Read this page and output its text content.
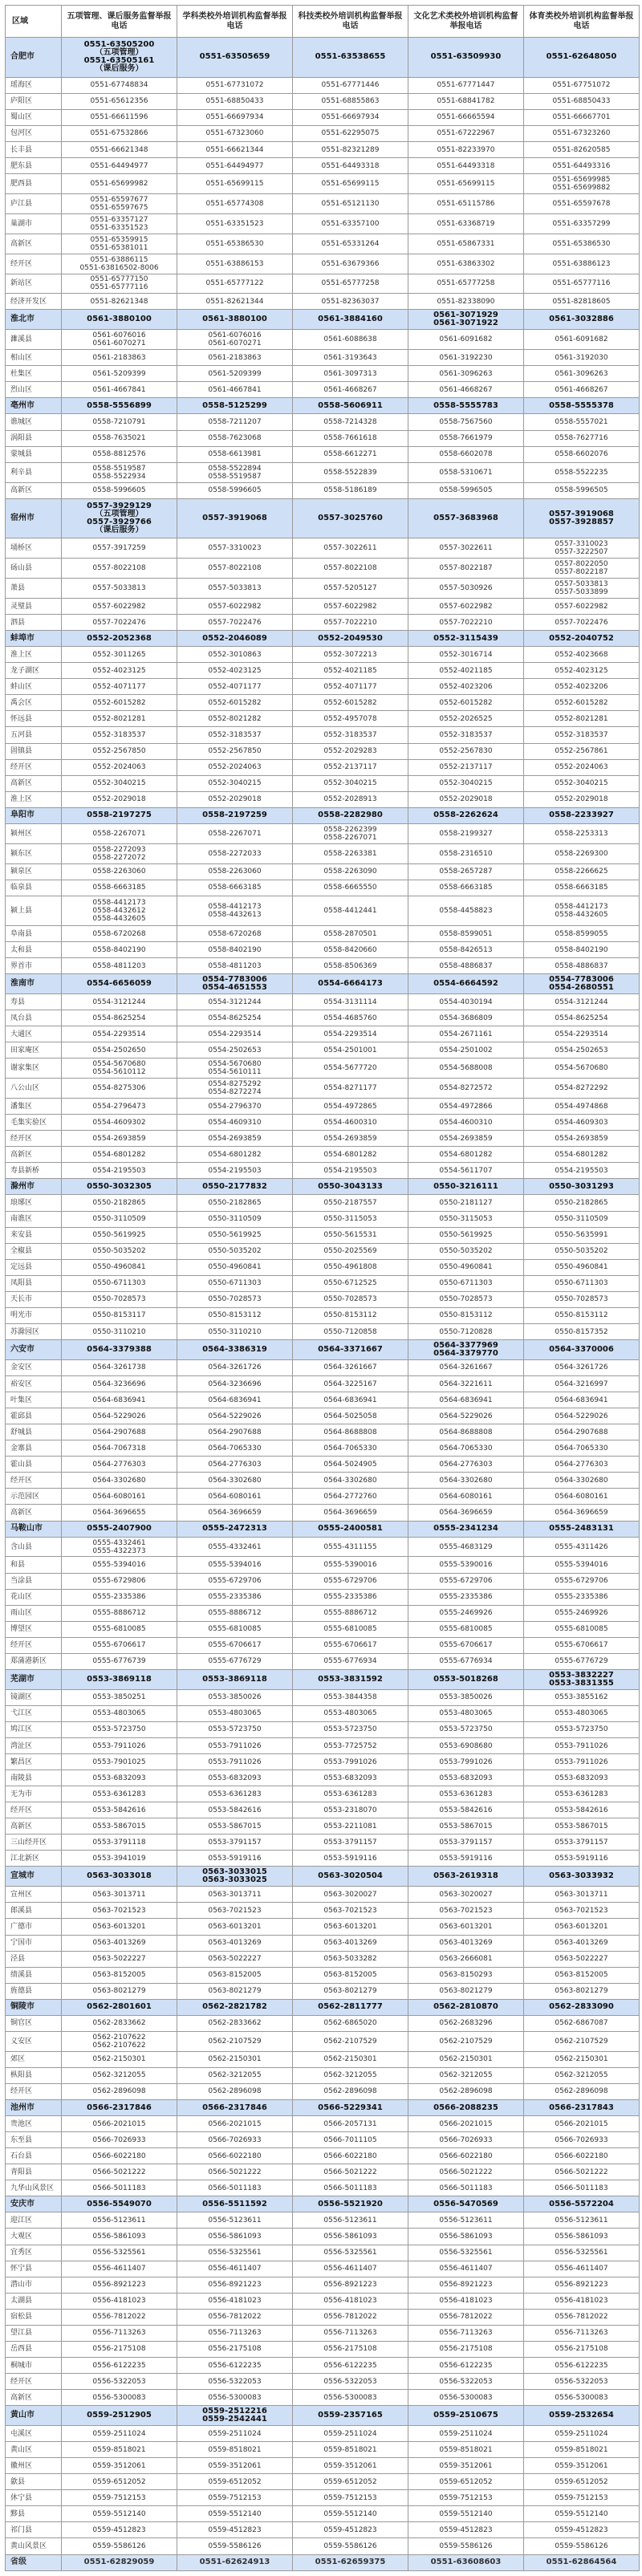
区域	五项管理、课后服务监督举报电话	学科类校外培训机构监督举报电话	科技类校外培训机构监督举报电话	文化艺术类校外培训机构监督举报电话	体育类校外培训机构监督举报电话
合肥市	0551-63505200
（五项管理）
0551-63505161
（课后服务）	0551-63505659	0551-63538655	0551-63509930	0551-62648050

瑶海区	0551-67748834	0551-67731072	0551-67771446	0551-67771447	0551-67751072

庐阳区	0551-65612356	0551-68850433	0551-68855863	0551-68841782	0551-68850433

蜀山区	0551-66611596	0551-66697934	0551-66697934	0551-66665594	0551-66667701

包河区	0551-67532866	0551-67323060	0551-62295075	0551-67222967	0551-67323260

长丰县	0551-66621348	0551-66621344	0551-82321289	0551-82233970	0551-82620585

肥东县	0551-64494977	0551-64494977	0551-64493318	0551-64493318	0551-64493316

肥西县	0551-65699982	0551-65699115	0551-65699115	0551-65699115	0551-65699985
0551-65699882

庐江县	0551-65597677
0551-65597675	0551-65774308	0551-65121130	0551-65115786	0551-65597678

巢湖市	0551-63357127
0551-63351523	0551-63351523	0551-63357100	0551-63368719	0551-63357299

高新区	0551-65359915
0551-65381011	0551-65386530	0551-65331264	0551-65867331	0551-65386530

经开区	0551-63886115
0551-63816502-8006	0551-63886153	0551-63679366	0551-63863302	0551-63886123

新站区	0551-65777150
0551-65777116	0551-65777122	0551-65777258	0551-65777258	0551-65777116

经济开发区	0551-82621348	0551-82621344	0551-82363037	0551-82338090	0551-82818605

淮北市	0561-3880100	0561-3880100	0561-3884160	0561-3071929
0561-3071922	0561-3032886

濉溪县	0561-6076016
0561-6070271	0561-6076016
0561-6070271	0561-6088638	0561-6091682	0561-6091682

相山区	0561-2183863	0561-2183863	0561-3193643	0561-3192230	0561-3192030

杜集区	0561-5209399	0561-5209399	0561-3097313	0561-3096263	0561-3096263

烈山区	0561-4667841	0561-4667841	0561-4668267	0561-4668267	0561-4668267

亳州市	0558-5556899	0558-5125299	0558-5606911	0558-5555783	0558-5555378

谯城区	0558-7210791	0558-7211207	0558-7214328	0558-7567560	0558-5557021

涡阳县	0558-7635021	0558-7623068	0558-7661618	0558-7661979	0558-7627716

蒙城县	0558-8812576	0558-6613981	0558-6612271	0558-6602078	0558-6602076

利辛县	0558-5519587
0558-5522934	0558-5522894
0558-5519587	0558-5522839	0558-5310671	0558-5522235

高新区	0558-5996605	0558-5996605	0558-5186189	0558-5996505	0558-5996505

宿州市	0557-3929129
（五项管理）
0557-3929766
（课后服务）	0557-3919068	0557-3025760	0557-3683968	0557-3919068
0557-3928857

埇桥区	0557-3917259	0557-3310023	0557-3022611	0557-3022611	0557-3310023
0557-3222507

砀山县	0557-8022108	0557-8022108	0557-8022108	0557-8022187	0557-8022050
0557-8022187

萧县	0557-5033813	0557-5033813	0557-5205127	0557-5030926	0557-5033813
0557-5033899

灵璧县	0557-6022982	0557-6022982	0557-6022982	0557-6022982	0557-6022982

泗县	0557-7022476	0557-7022476	0557-7022210	0557-7022210	0557-7022476

蚌埠市	0552-2052368	0552-2046089	0552-2049530	0552-3115439	0552-2040752

淮上区	0552-3011265	0552-3010863	0552-3072213	0552-3016714	0552-4023668

龙子湖区	0552-4023125	0552-4023125	0552-4021185	0552-4021185	0552-4023125

蚌山区	0552-4071177	0552-4071177	0552-4071177	0552-4023206	0552-4023206

禹会区	0552-6015282	0552-6015282	0552-6015282	0552-6015282	0552-6015282

怀远县	0552-8021281	0552-8021282	0552-4957078	0552-2026525	0552-8021281

五河县	0552-3183537	0552-3183537	0552-3183537	0552-3183537	0552-3183537

固镇县	0552-2567850	0552-2567850	0552-2029283	0552-2567830	0552-2567861

经开区	0552-2024063	0552-2024063	0552-2137117	0552-2137117	0552-2024063

高新区	0552-3040215	0552-3040215	0552-3040215	0552-3040215	0552-3040215

淮上区	0552-2029018	0552-2029018	0552-2028913	0552-2029018	0552-2029018

阜阳市	0558-2197275	0558-2197259	0558-2282980	0558-2262624	0558-2233927

颍州区	0558-2267071	0558-2267071	0558-2262399
0558-2267071	0558-2199327	0558-2253313

颍东区	0558-2272093
0558-2272072	0558-2272033	0558-2263381	0558-2316510	0558-2269300

颍泉区	0558-2263060	0558-2263060	0558-2263090	0558-2657287	0558-2266625

临泉县	0558-6663185	0558-6663185	0558-6665550	0558-6663185	0558-6663185

颍上县	0558-4412173
0558-4432612
0558-4432605	0558-4412173
0558-4432613	0558-4412441	0558-4458823	0558-4412173
0558-4432605

阜南县	0558-6720268	0558-6720268	0558-2870501	0558-8599051	0558-8599055

太和县	0558-8402190	0558-8402190	0558-8420660	0558-8426513	0558-8402190

界首市	0558-4811203	0558-4811203	0558-8506369	0558-4886837	0558-4886837

淮南市	0554-6656059	0554-7783006
0554-4651553	0554-6664173	0554-6664592	0554-7783006
0554-2680551

寿县	0554-3121244	0554-3121244	0554-3131114	0554-4030194	0554-3121244

凤台县	0554-8625254	0554-8625254	0554-4685760	0554-3686809	0554-8625254

大通区	0554-2293514	0554-2293514	0554-2293514	0554-2671161	0554-2293514

田家庵区	0554-2502650	0554-2502653	0554-2501001	0554-2501002	0554-2502653

谢家集区	0554-5670680
0554-5610112	0554-5670680
0554-5610111	0554-5677720	0554-5688008	0554-5670680

八公山区	0554-8275306	0554-8275292
0554-8272274	0554-8271177	0554-8272572	0554-8272292

潘集区	0554-2796473	0554-2796370	0554-4972865	0554-4972866	0554-4974868

毛集实验区	0554-4609302	0554-4609310	0554-4600310	0554-4600310	0554-4609303

经开区	0554-2693859	0554-2693859	0554-2693859	0554-2693859	0554-2693859

高新区	0554-6801282	0554-6801282	0554-6801282	0554-6801282	0554-6801282

寿县新桥	0554-2195503	0554-2195503	0554-2195503	0554-5611707	0554-2195503

滁州市	0550-3032305	0550-2177832	0550-3043133	0550-3216111	0550-3031293

琅琊区	0550-2182865	0550-2182865	0550-2187557	0550-2181127	0550-2182865

南谯区	0550-3110509	0550-3110509	0550-3115053	0550-3115053	0550-3110509

来安县	0550-5619925	0550-5619925	0550-5615531	0550-5619925	0550-5635991

全椒县	0550-5035202	0550-5035202	0550-2025569	0550-5035202	0550-5035202

定远县	0550-4960841	0550-4960841	0550-4961808	0550-4960841	0550-4960841

凤阳县	0550-6711303	0550-6711303	0550-6712525	0550-6711303	0550-6711303

天长市	0550-7028573	0550-7028573	0550-7028573	0550-7028573	0550-7028573

明光市	0550-8153117	0550-8153112	0550-8153112	0550-8153112	0550-8153112

苏滁园区	0550-3110210	0550-3110210	0550-7120858	0550-7120828	0550-8157352

六安市	0564-3379388	0564-3386319	0564-3371667	0564-3377969
0564-3379770	0564-3370006

金安区	0564-3261738	0564-3261726	0564-3261667	0564-3261667	0564-3261726

裕安区	0564-3236696	0564-3236696	0564-3225167	0564-3221611	0564-3216997

叶集区	0564-6836941	0564-6836941	0564-6836941	0564-6836941	0564-6836941

霍邱县	0564-5229026	0564-5229026	0564-5025058	0564-5229026	0564-5229026

舒城县	0564-2907688	0564-2907688	0564-8688808	0564-8688808	0564-2907688

金寨县	0564-7067318	0564-7065330	0564-7065330	0564-7065330	0564-7065330

霍山县	0564-2776303	0564-2776303	0564-5024905	0564-2776303	0564-2776303

经开区	0564-3302680	0564-3302680	0564-3302680	0564-3302680	0564-3302680

示范园区	0564-6080161	0564-6080161	0564-2772760	0564-6080161	0564-6080161

高新区	0564-3696655	0564-3696659	0564-3696659	0564-3696659	0564-3696659

马鞍山市	0555-2407900	0555-2472313	0555-2400581	0555-2341234	0555-2483131

含山县	0555-4332461
0555-4322373	0555-4332461	0555-4311155	0555-4683129	0555-4311426

和县	0555-5394016	0555-5394016	0555-5390016	0555-5390016	0555-5394016

当涂县	0555-6729806	0555-6729706	0555-6729706	0555-6729706	0555-6729706

花山区	0555-2335386	0555-2335386	0555-2335386	0555-2335386	0555-2335386

雨山区	0555-8886712	0555-8886712	0555-8886712	0555-2469926	0555-2469926

博望区	0555-6810085	0555-6810085	0555-6810085	0555-6810085	0555-6810085

经开区	0555-6706617	0555-6706617	0555-6706617	0555-6706617	0555-6706617

郑蒲港新区	0555-6776739	0555-6776729	0555-6776934	0555-6776934	0555-6776729

芜湖市	0553-3869118	0553-3869118	0553-3831592	0553-5018268	0553-3832227
0553-3831355

镜湖区	0553-3850251	0553-3850026	0553-3844358	0553-3850026	0553-3855162

弋江区	0553-4803065	0553-4803065	0553-4803065	0553-4803065	0553-4803065

鸠江区	0553-5723750	0553-5723750	0553-5723750	0553-5723750	0553-5723750

湾沚区	0553-7911026	0553-7911026	0553-7725752	0553-6908680	0553-7911026

繁昌区	0553-7901025	0553-7911026	0553-7991026	0553-7991026	0553-7911026

南陵县	0553-6832093	0553-6832093	0553-6832093	0553-6832093	0553-6832093

无为市	0553-6361283	0553-6361283	0553-6361283	0553-6361283	0553-6361283

经开区	0553-5842616	0553-5842616	0553-2318070	0553-5842616	0553-5842616

高新区	0553-5867015	0553-5867015	0553-2211081	0553-5867015	0553-5867015

三山经开区	0553-3791118	0553-3791157	0553-3791157	0553-3791157	0553-3791157

江北新区	0553-3941019	0553-5919116	0553-5919116	0553-5919116	0553-5919116

宣城市	0563-3033018	0563-3033015
0563-3033025	0563-3020504	0563-2619318	0563-3033932

宣州区	0563-3013711	0563-3013711	0563-3020027	0563-3020027	0563-3013711

郎溪县	0563-7021523	0563-7021523	0563-7021523	0563-7021523	0563-7021523

广德市	0563-6013201	0563-6013201	0563-6013201	0563-6013201	0563-6013201

宁国市	0563-4013269	0563-4013269	0563-4013269	0563-4013269	0563-4013269

泾县	0563-5022227	0563-5022227	0563-5033282	0563-2666081	0563-5022227

绩溪县	0563-8152005	0563-8152005	0563-8152005	0563-8150293	0563-8152005

旌德县	0563-8021279	0563-8021279	0563-8021279	0563-8021279	0563-8021279

铜陵市	0562-2801601	0562-2821782	0562-2811777	0562-2810870	0562-2833090

铜官区	0562-2833662	0562-2833662	0562-6865020	0562-2683296	0562-6867087

义安区	0562-2107622
0562-2107622	0562-2107529	0562-2107529	0562-2107529	0562-2107529

郊区	0562-2150301	0562-2150301	0562-2150301	0562-2150301	0562-2150301

枞阳县	0562-3212055	0562-3212055	0562-3212055	0562-3212055	0562-3212055

经开区	0562-2896098	0562-2896098	0562-2896098	0562-2896098	0562-2896098

池州市	0566-2317846	0566-2317846	0566-5229341	0566-2088235	0566-2317843

贵池区	0566-2021015	0566-2021015	0566-2057131	0566-2021015	0566-2021015

东至县	0566-7026933	0566-7026933	0566-7011105	0566-7026933	0566-7026933

石台县	0566-6022180	0566-6022180	0566-6022180	0566-6022180	0566-6022180

青阳县	0566-5021222	0566-5021222	0566-5021222	0566-5021222	0566-5021222

九华山风景区	0566-5011183	0566-5011183	0566-5011183	0566-5011183	0566-5011183

安庆市	0556-5549070	0556-5511592	0556-5521920	0556-5470569	0556-5572204

迎江区	0556-5123611	0556-5123611	0556-5123611	0556-5123611	0556-5123611

大观区	0556-5861093	0556-5861093	0556-5861093	0556-5861093	0556-5861093

宜秀区	0556-5325561	0556-5325561	0556-5325561	0556-5325561	0556-5325561

怀宁县	0556-4611407	0556-4611407	0556-4611407	0556-4611407	0556-4611407

潜山市	0556-8921223	0556-8921223	0556-8921223	0556-8921223	0556-8921223

太湖县	0556-4181023	0556-4181023	0556-4181023	0556-4181023	0556-4181023

宿松县	0556-7812022	0556-7812022	0556-7812022	0556-7812022	0556-7812022

望江县	0556-7113263	0556-7113263	0556-7113263	0556-7113263	0556-7113263

岳西县	0556-2175108	0556-2175108	0556-2175108	0556-2175108	0556-2175108

桐城市	0556-6122235	0556-6122235	0556-6122235	0556-6122235	0556-6122235

经开区	0556-5322053	0556-5322053	0556-5322053	0556-5322053	0556-5322053

高新区	0556-5300083	0556-5300083	0556-5300083	0556-5300083	0556-5300083

黄山市	0559-2512905	0559-2512216
0559-2542441	0559-2357165	0559-2510675	0559-2532654

屯溪区	0559-2511024	0559-2511024	0559-2511024	0559-2511024	0559-2511024

黄山区	0559-8518021	0559-8518021	0559-8518021	0559-8518021	0559-8518021

徽州区	0559-3512061	0559-3512061	0559-3512061	0559-3512061	0559-3512061

歙县	0559-6512052	0559-6512052	0559-6512052	0559-6512052	0559-6512052

休宁县	0559-7512153	0559-7512153	0559-7512153	0559-7512153	0559-7512153

黟县	0559-5512140	0559-5512140	0559-5512140	0559-5512140	0559-5512140

祁门县	0559-4512823	0559-4512823	0559-4512823	0559-4512823	0559-4512823

黄山风景区	0559-5586126	0559-5586126	0559-5586126	0559-5586126	0559-5586126

省级	0551-62829059	0551-62624913	0551-62659375	0551-63608603	0551-62864564
